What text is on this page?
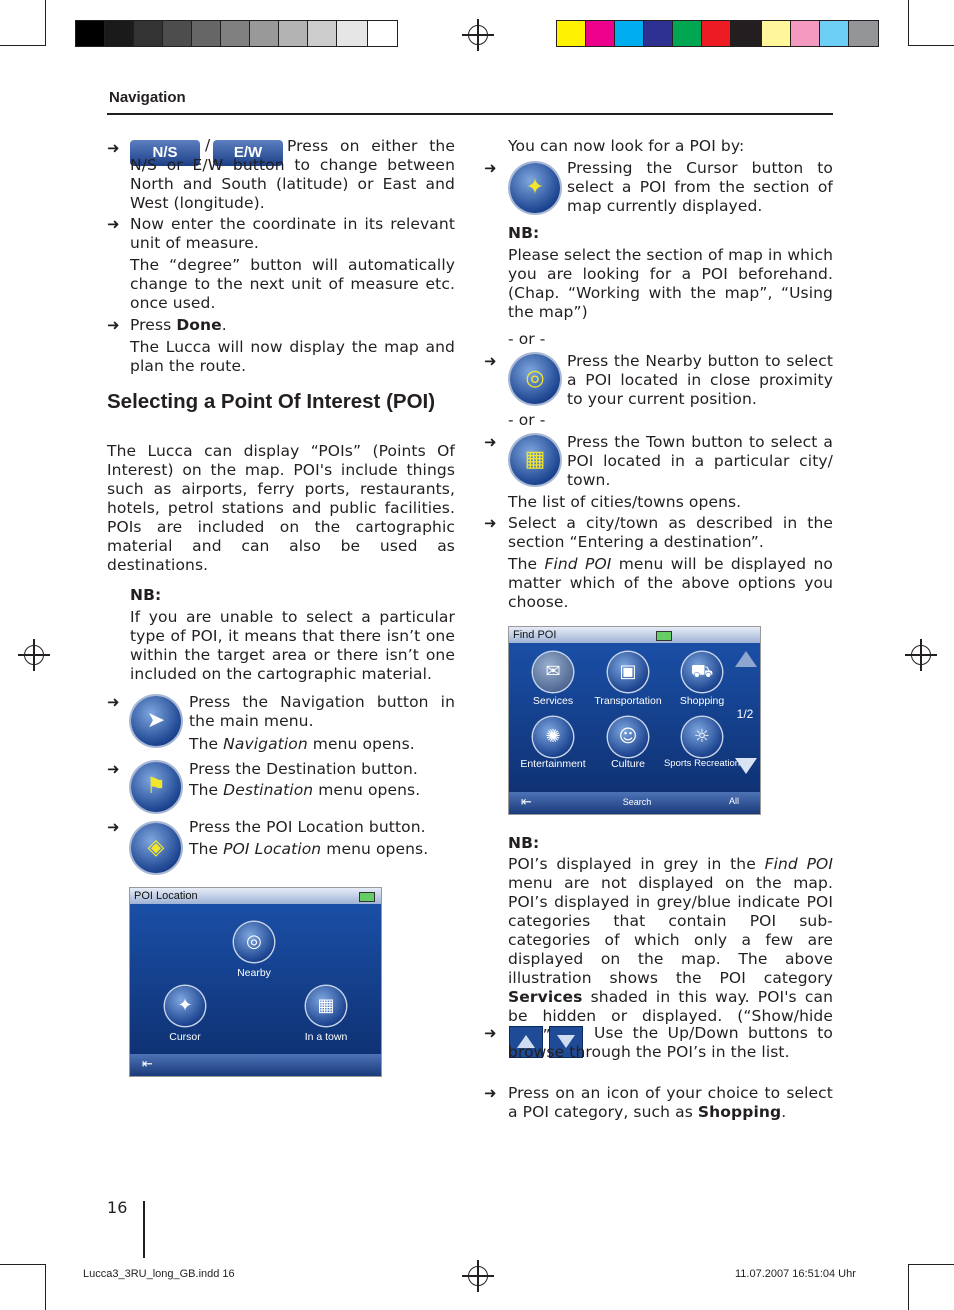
Navigation
➜	N/S	/	E/W	Press on either the N/S or E/W button to change between North and South (latitude) or East and West (longitude).
➜ Now enter the coordinate in its relevant unit of measure.
The “degree” button will automatically change to the next unit of measure etc. once used.
➜ Press Done.
The Lucca will now display the map and plan the route.
Selecting a Point Of Interest (POI)
The Lucca can display “POIs” (Points Of Interest) on the map. POI's include things such as airports, ferry ports, restaurants, hotels, petrol stations and public facilities. POIs are included on the cartographic material and can also be used as destinations.
NB:
If you are unable to select a particular type of POI, it means that there isn’t one within the target area or there isn’t one included on the cartographic material.
➜
➤
Press the Navigation button in the main menu.
The Navigation menu opens.
➜
⚑
Press the Destination button.
The Destination menu opens.
➜
◈
Press the POI Location button.
The POI Location menu opens.
POI Location
◎
Nearby
✦
Cursor
▦
In a town
⇤
You can now look for a POI by:
➜
✦
Pressing the Cursor button to select a POI from the section of map currently displayed.
NB:
Please select the section of map in which you are looking for a POI beforehand. (Chap. “Working with the map”, “Using the map”)
- or -
➜
◎
Press the Nearby button to select a POI located in close proximity to your current position.
- or -
➜
▦
Press the Town button to select a POI located in a particular city/ town.
The list of cities/towns opens.
➜ Select a city/town as described in the section “Entering a destination”.
The Find POI menu will be displayed no matter which of the above options you choose.
Find POI
✉
Services
▣
Transportation
⛟
Shopping
✺
Entertainment
☺
Culture
☼
Sports Recreation
1/2
⇤	Search	All
NB:
POI’s displayed in grey in the Find POI menu are not displayed on the map. POI’s displayed in grey/blue indicate POI categories that contain POI sub-categories of which only a few are displayed on the map. The above illustration shows the POI category Services shaded in this way. POI's can be hidden or displayed. (“Show/hide
➜	Use the Up/Down buttons to browse through the POI’s in the list.
➜ Press on an icon of your choice to select a POI category, such as Shopping.
16
Lucca3_3RU_long_GB.indd 16	11.07.2007 16:51:04 Uhr
